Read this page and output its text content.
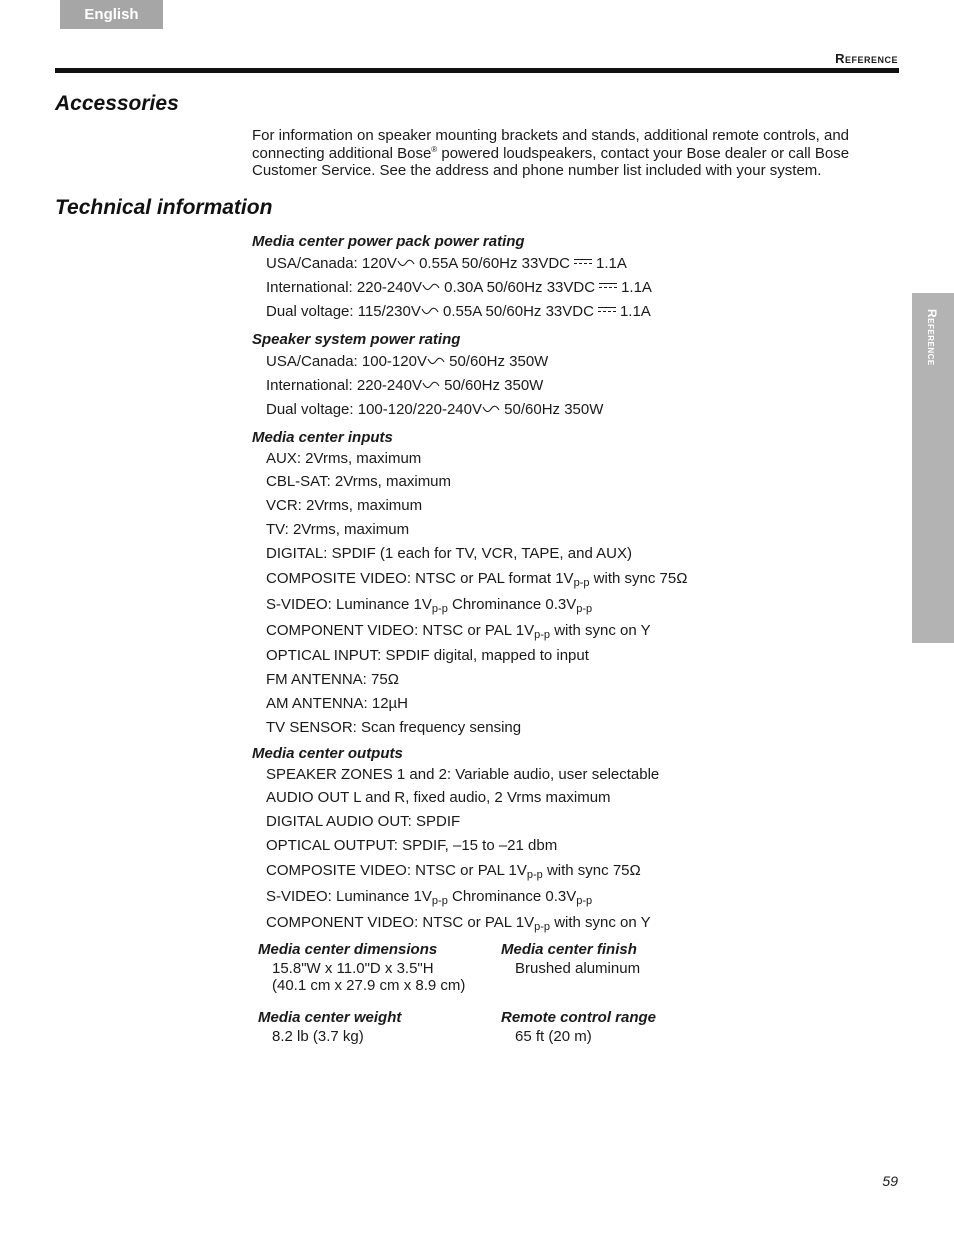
English
Reference
Reference
Accessories

For information on speaker mounting brackets and stands, additional remote controls, and connecting additional Bose® powered loudspeakers, contact your Bose dealer or call Bose Customer Service. See the address and phone number list included with your system.

Technical information
Media center power pack power rating
USA/Canada: 120V 0.55A 50/60Hz 33VDC 1.1A
International: 220-240V 0.30A 50/60Hz 33VDC 1.1A
Dual voltage: 115/230V 0.55A 50/60Hz 33VDC 1.1A
Speaker system power rating
USA/Canada: 100-120V 50/60Hz 350W
International: 220-240V 50/60Hz 350W
Dual voltage: 100-120/220-240V 50/60Hz 350W
Media center inputs
AUX: 2Vrms, maximum
CBL-SAT: 2Vrms, maximum
VCR: 2Vrms, maximum
TV: 2Vrms, maximum
DIGITAL: SPDIF (1 each for TV, VCR, TAPE, and AUX)
COMPOSITE VIDEO: NTSC or PAL format $1V_{p-p}$ with sync 75Ω
S-VIDEO: Luminance $1V_{p-p}$ Chrominance $0.3V_{p-p}$
COMPONENT VIDEO: NTSC or PAL $1V_{p-p}$ with sync on Y
OPTICAL INPUT: SPDIF digital, mapped to input
FM ANTENNA: 75Ω
AM ANTENNA: 12µH
TV SENSOR: Scan frequency sensing
Media center outputs
SPEAKER ZONES 1 and 2: Variable audio, user selectable
AUDIO OUT L and R, fixed audio, 2 Vrms maximum
DIGITAL AUDIO OUT: SPDIF
OPTICAL OUTPUT: SPDIF, –15 to –21 dbm
COMPOSITE VIDEO: NTSC or PAL $1V_{p-p}$ with sync 75Ω
S-VIDEO: Luminance $1V_{p-p}$ Chrominance $0.3V_{p-p}$
COMPONENT VIDEO: NTSC or PAL $1V_{p-p}$ with sync on Y
Media center dimensions
15.8"W x 11.0"D x 3.5"H
(40.1 cm x 27.9 cm x 8.9 cm)
Media center finish
Brushed aluminum
Media center weight
8.2 lb (3.7 kg)
Remote control range
65 ft (20 m)
59
